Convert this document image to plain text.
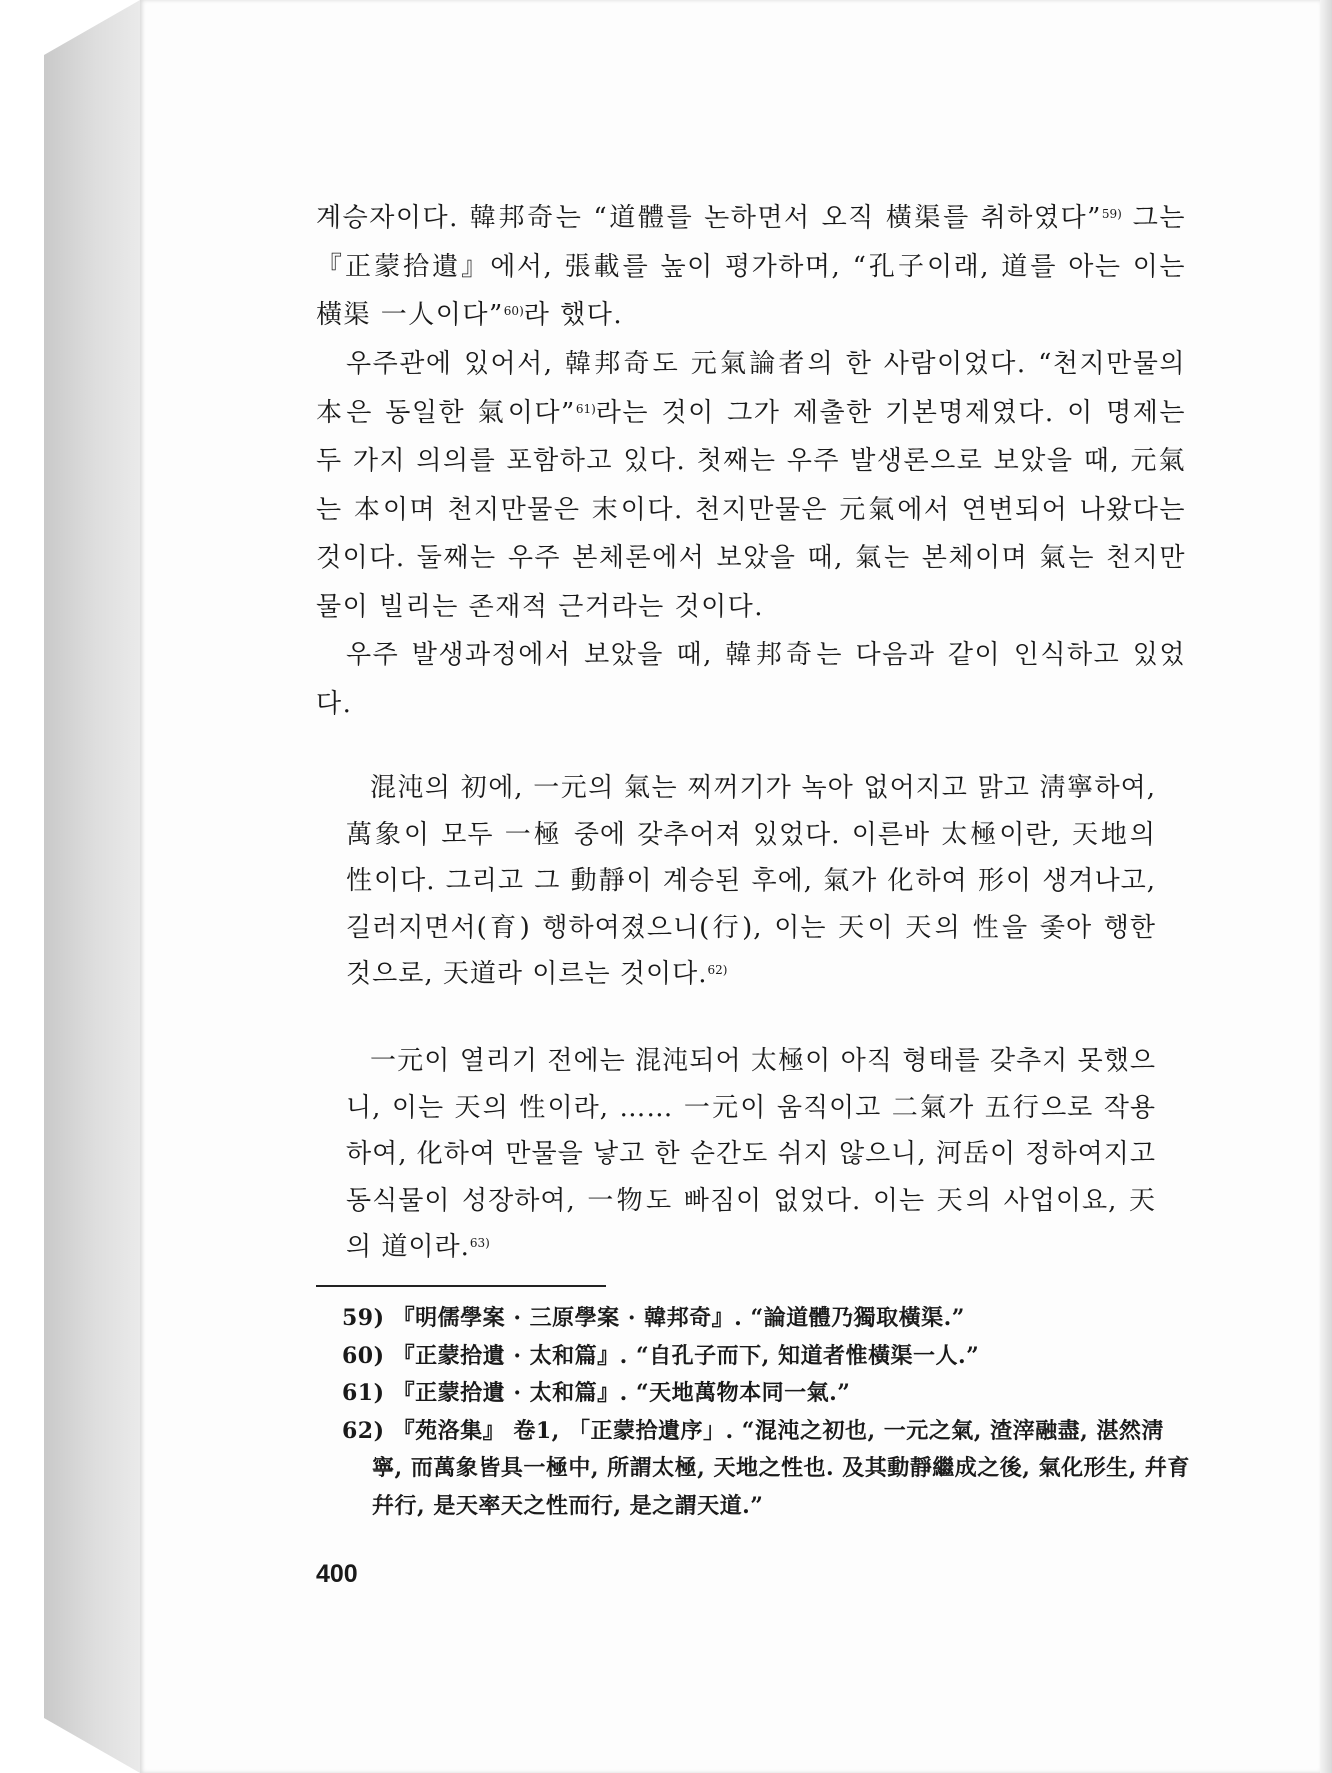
계승자이다. 韓邦奇는 “道體를 논하면서 오직 橫渠를 취하였다”$^{59)}$ 그는 『正蒙拾遺』에서, 張載를 높이 평가하며, “孔子이래, 道를 아는 이는 橫渠 一人이다”$^{60)}$라 했다.

우주관에 있어서, 韓邦奇도 元氣論者의 한 사람이었다. “천지만물의 本은 동일한 氣이다”$^{61)}$라는 것이 그가 제출한 기본명제였다. 이 명제는 두 가지 의의를 포함하고 있다. 첫째는 우주 발생론으로 보았을 때, 元氣는 本이며 천지만물은 末이다. 천지만물은 元氣에서 연변되어 나왔다는 것이다. 둘째는 우주 본체론에서 보았을 때, 氣는 본체이며 氣는 천지만물이 빌리는 존재적 근거라는 것이다.

우주 발생과정에서 보았을 때, 韓邦奇는 다음과 같이 인식하고 있었다.

混沌의 初에, 一元의 氣는 찌꺼기가 녹아 없어지고 맑고 淸寧하여, 萬象이 모두 一極 중에 갖추어져 있었다. 이른바 太極이란, 天地의 性이다. 그리고 그 動靜이 계승된 후에, 氣가 化하여 形이 생겨나고, 길러지면서(育) 행하여졌으니(行), 이는 天이 天의 性을 좇아 행한 것으로, 天道라 이르는 것이다.$^{62)}$

一元이 열리기 전에는 混沌되어 太極이 아직 형태를 갖추지 못했으니, 이는 天의 性이라, …… 一元이 움직이고 二氣가 五行으로 작용하여, 化하여 만물을 낳고 한 순간도 쉬지 않으니, 河岳이 정하여지고 동식물이 성장하여, 一物도 빠짐이 없었다. 이는 天의 사업이요, 天의 道이라.$^{63)}$

59) 『明儒學案 · 三原學案 · 韓邦奇』. “論道體乃獨取橫渠.”

60) 『正蒙拾遺 · 太和篇』. “自孔子而下, 知道者惟橫渠一人.”

61) 『正蒙拾遺 · 太和篇』. “天地萬物本同一氣.”

62) 『苑洛集』 卷1, 「正蒙拾遺序」. “混沌之初也, 一元之氣, 渣滓融盡, 湛然淸寧, 而萬象皆具一極中, 所謂太極, 天地之性也. 及其動靜繼成之後, 氣化形生, 幷育幷行, 是天率天之性而行, 是之謂天道.”

400
